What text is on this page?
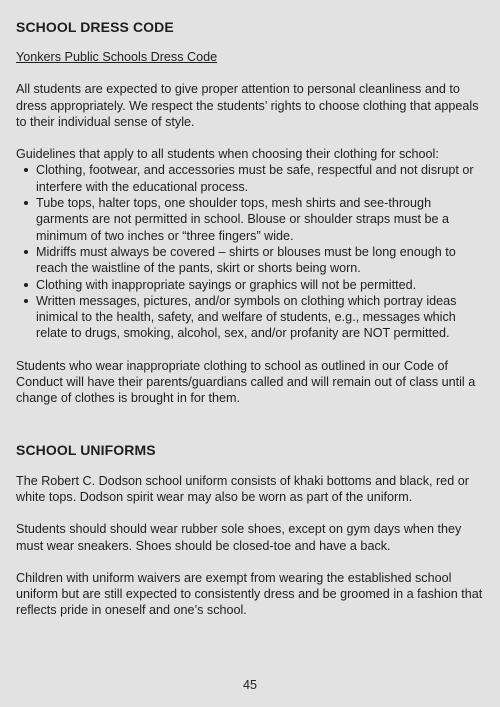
SCHOOL DRESS CODE

Yonkers Public Schools Dress Code

All students are expected to give proper attention to personal cleanliness and to dress appropriately. We respect the students’ rights to choose clothing that appeals to their individual sense of style.

Guidelines that apply to all students when choosing their clothing for school:

Clothing, footwear, and accessories must be safe, respectful and not disrupt or interfere with the educational process.
Tube tops, halter tops, one shoulder tops, mesh shirts and see-through garments are not permitted in school. Blouse or shoulder straps must be a minimum of two inches or “three fingers” wide.
Midriffs must always be covered – shirts or blouses must be long enough to reach the waistline of the pants, skirt or shorts being worn.
Clothing with inappropriate sayings or graphics will not be permitted.
Written messages, pictures, and/or symbols on clothing which portray ideas inimical to the health, safety, and welfare of students, e.g., messages which relate to drugs, smoking, alcohol, sex, and/or profanity are NOT permitted.

Students who wear inappropriate clothing to school as outlined in our Code of Conduct will have their parents/guardians called and will remain out of class until a change of clothes is brought in for them.

SCHOOL UNIFORMS

The Robert C. Dodson school uniform consists of khaki bottoms and black, red or white tops. Dodson spirit wear may also be worn as part of the uniform.

Students should should wear rubber sole shoes, except on gym days when they must wear sneakers. Shoes should be closed-toe and have a back.

Children with uniform waivers are exempt from wearing the established school uniform but are still expected to consistently dress and be groomed in a fashion that reflects pride in oneself and one’s school.

45
